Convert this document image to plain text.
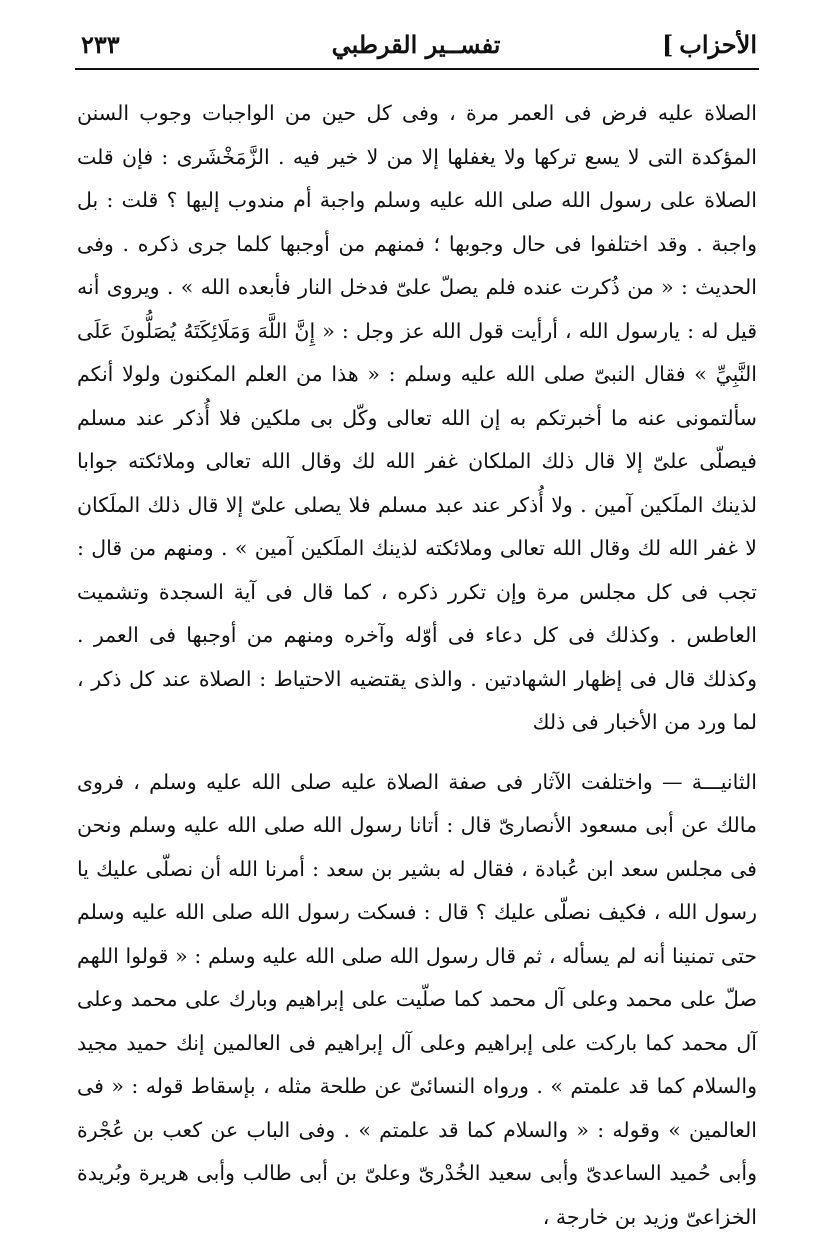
الأحزاب]
تفســير القرطبي
٢٣٣

الصلاة عليه فرض فى العمر مرة ، وفى كل حين من الواجبات وجوب السنن المؤكدة التى لا يسع تركها ولا يغفلها إلا من لا خير فيه . الزَّمَخْشَرى : فإن قلت الصلاة على رسول الله صلى الله عليه وسلم واجبة أم مندوب إليها ؟ قلت : بل واجبة . وقد اختلفوا فى حال وجوبها ؛ فمنهم من أوجبها كلما جرى ذكره . وفى الحديث : « من ذُكرت عنده فلم يصلّ علىّ فدخل النار فأبعده الله » . ويروى أنه قيل له : يارسول الله ، أرأيت قول الله عز وجل : « إِنَّ اللَّهَ وَمَلَائِكَتَهُ يُصَلُّونَ عَلَى النَّبِيِّ » فقال النبىّ صلى الله عليه وسلم : « هذا من العلم المكنون ولولا أنكم سألتمونى عنه ما أخبرتكم به إن الله تعالى وكّل بى ملكين فلا أُذكر عند مسلم فيصلّى علىّ إلا قال ذلك الملكان غفر الله لك وقال الله تعالى وملائكته جوابا لذينك الملَكين آمين . ولا أُذكر عند عبد مسلم فلا يصلى علىّ إلا قال ذلك الملَكان لا غفر الله لك وقال الله تعالى وملائكته لذينك الملَكين آمين » . ومنهم من قال : تجب فى كل مجلس مرة وإن تكرر ذكره ، كما قال فى آية السجدة وتشميت العاطس . وكذلك فى كل دعاء فى أوّله وآخره ومنهم من أوجبها فى العمر . وكذلك قال فى إظهار الشهادتين . والذى يقتضيه الاحتياط : الصلاة عند كل ذكر ، لما ورد من الأخبار فى ذلك

الثانيـــة — واختلفت الآثار فى صفة الصلاة عليه صلى الله عليه وسلم ، فروى مالك عن أبى مسعود الأنصارىّ قال : أتانا رسول الله صلى الله عليه وسلم ونحن فى مجلس سعد ابن عُبادة ، فقال له بشير بن سعد : أمرنا الله أن نصلّى عليك يا رسول الله ، فكيف نصلّى عليك ؟ قال : فسكت رسول الله صلى الله عليه وسلم حتى تمنينا أنه لم يسأله ، ثم قال رسول الله صلى الله عليه وسلم : « قولوا اللهم صلّ على محمد وعلى آل محمد كما صلّيت على إبراهيم وبارك على محمد وعلى آل محمد كما باركت على إبراهيم وعلى آل إبراهيم فى العالمين إنك حميد مجيد والسلام كما قد علمتم » . ورواه النسائىّ عن طلحة مثله ، بإسقاط قوله : « فى العالمين » وقوله : « والسلام كما قد علمتم » . وفى الباب عن كعب بن عُجْرة وأبى حُميد الساعدىّ وأبى سعيد الخُدْرىّ وعلىّ بن أبى طالب وأبى هريرة وبُريدة الخزاعىّ وزيد بن خارجة ،
